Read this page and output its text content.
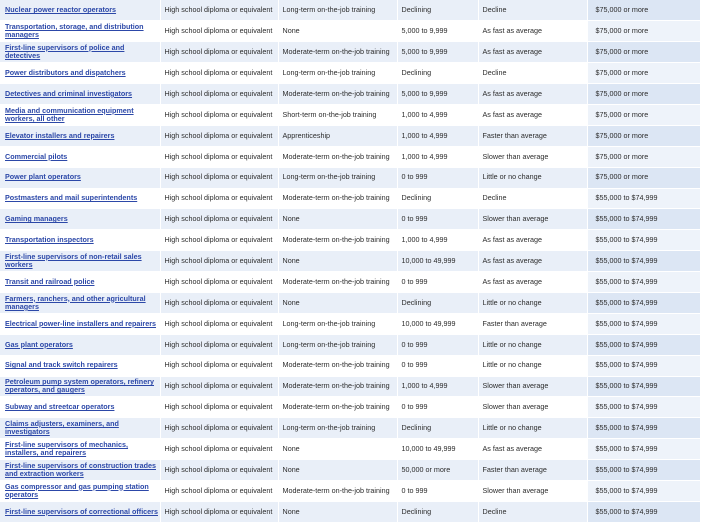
Nuclear power reactor operators	High school diploma or equivalent	Long-term on-the-job training	Declining	Decline	$75,000 or more
Transportation, storage, and distribution managers	High school diploma or equivalent	None	5,000 to 9,999	As fast as average	$75,000 or more
First-line supervisors of police and detectives	High school diploma or equivalent	Moderate-term on-the-job training	5,000 to 9,999	As fast as average	$75,000 or more
Power distributors and dispatchers	High school diploma or equivalent	Long-term on-the-job training	Declining	Decline	$75,000 or more
Detectives and criminal investigators	High school diploma or equivalent	Moderate-term on-the-job training	5,000 to 9,999	As fast as average	$75,000 or more
Media and communication equipment workers, all other	High school diploma or equivalent	Short-term on-the-job training	1,000 to 4,999	As fast as average	$75,000 or more
Elevator installers and repairers	High school diploma or equivalent	Apprenticeship	1,000 to 4,999	Faster than average	$75,000 or more
Commercial pilots	High school diploma or equivalent	Moderate-term on-the-job training	1,000 to 4,999	Slower than average	$75,000 or more
Power plant operators	High school diploma or equivalent	Long-term on-the-job training	0 to 999	Little or no change	$75,000 or more
Postmasters and mail superintendents	High school diploma or equivalent	Moderate-term on-the-job training	Declining	Decline	$55,000 to $74,999
Gaming managers	High school diploma or equivalent	None	0 to 999	Slower than average	$55,000 to $74,999
Transportation inspectors	High school diploma or equivalent	Moderate-term on-the-job training	1,000 to 4,999	As fast as average	$55,000 to $74,999
First-line supervisors of non-retail sales workers	High school diploma or equivalent	None	10,000 to 49,999	As fast as average	$55,000 to $74,999
Transit and railroad police	High school diploma or equivalent	Moderate-term on-the-job training	0 to 999	As fast as average	$55,000 to $74,999
Farmers, ranchers, and other agricultural managers	High school diploma or equivalent	None	Declining	Little or no change	$55,000 to $74,999
Electrical power-line installers and repairers	High school diploma or equivalent	Long-term on-the-job training	10,000 to 49,999	Faster than average	$55,000 to $74,999
Gas plant operators	High school diploma or equivalent	Long-term on-the-job training	0 to 999	Little or no change	$55,000 to $74,999
Signal and track switch repairers	High school diploma or equivalent	Moderate-term on-the-job training	0 to 999	Little or no change	$55,000 to $74,999
Petroleum pump system operators, refinery operators, and gaugers	High school diploma or equivalent	Moderate-term on-the-job training	1,000 to 4,999	Slower than average	$55,000 to $74,999
Subway and streetcar operators	High school diploma or equivalent	Moderate-term on-the-job training	0 to 999	Slower than average	$55,000 to $74,999
Claims adjusters, examiners, and investigators	High school diploma or equivalent	Long-term on-the-job training	Declining	Little or no change	$55,000 to $74,999
First-line supervisors of mechanics, installers, and repairers	High school diploma or equivalent	None	10,000 to 49,999	As fast as average	$55,000 to $74,999
First-line supervisors of construction trades and extraction workers	High school diploma or equivalent	None	50,000 or more	Faster than average	$55,000 to $74,999
Gas compressor and gas pumping station operators	High school diploma or equivalent	Moderate-term on-the-job training	0 to 999	Slower than average	$55,000 to $74,999
First-line supervisors of correctional officers	High school diploma or equivalent	None	Declining	Decline	$55,000 to $74,999
